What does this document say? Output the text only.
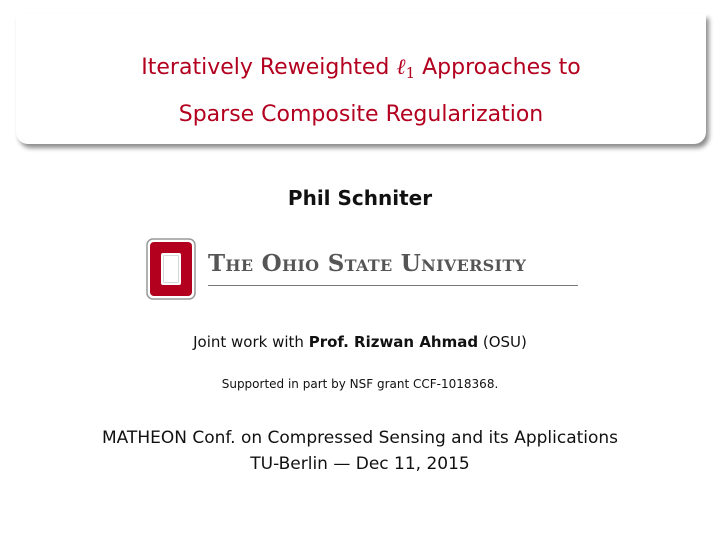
Iteratively Reweighted ℓ1 Approaches to
Sparse Composite Regularization
Phil Schniter
The Ohio State University
Joint work with Prof. Rizwan Ahmad (OSU)
Supported in part by NSF grant CCF-1018368.
MATHEON Conf. on Compressed Sensing and its Applications
TU-Berlin — Dec 11, 2015
